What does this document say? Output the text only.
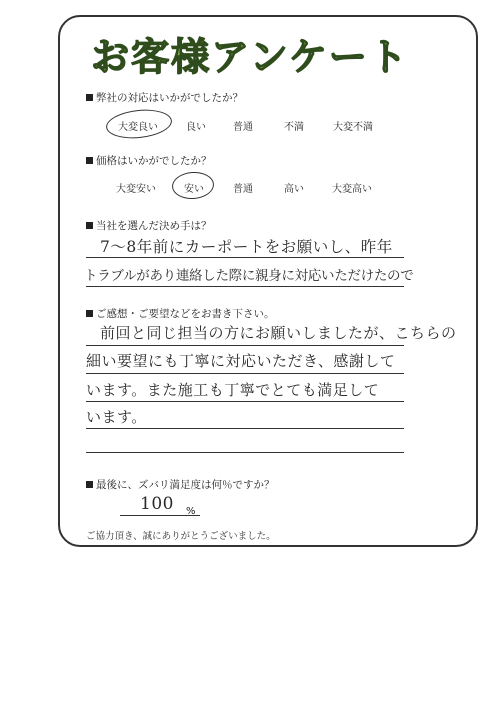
お客様アンケート
弊社の対応はいかがでしたか？
大変良い	良い	普通	不満	大変不満
価格はいかがでしたか？
大変安い	安い	普通	高い	大変高い
当社を選んだ決め手は？
7〜8年前にカーポートをお願いし、昨年
トラブルがあり連絡した際に親身に対応いただけたので
ご感想・ご要望などをお書き下さい。
前回と同じ担当の方にお願いしましたが、こちらの
細い要望にも丁寧に対応いただき、感謝して
います。また施工も丁寧でとても満足して
います。
最後に、ズバリ満足度は何％ですか？
100 %
ご協力頂き、誠にありがとうございました。
